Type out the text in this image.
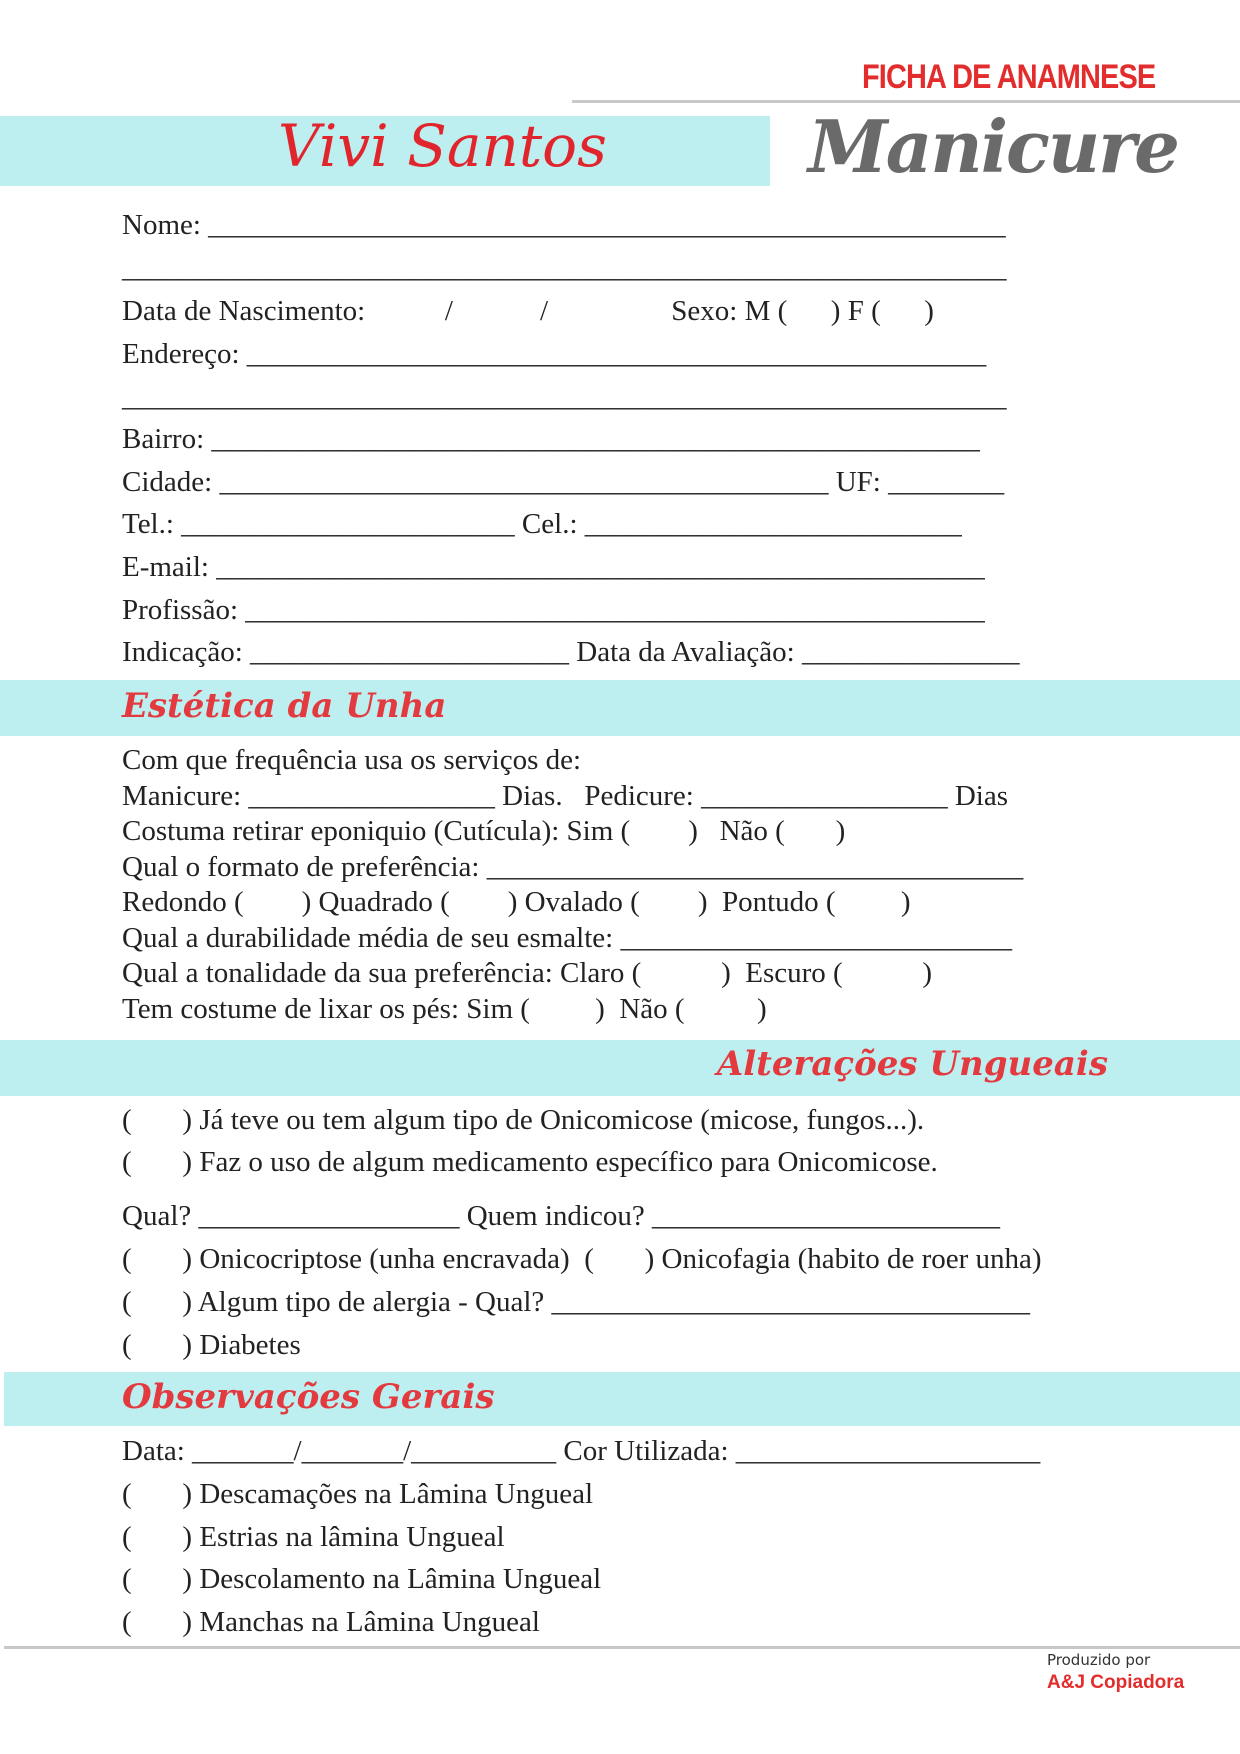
FICHA DE ANAMNESE
Vivi Santos	Manicure
Nome: _______________________________________________________
_____________________________________________________________
Data de Nascimento:           /            /                 Sexo: M (      ) F (      )
Endereço: ___________________________________________________
_____________________________________________________________
Bairro: _____________________________________________________
Cidade: __________________________________________ UF: ________
Tel.: _______________________ Cel.: __________________________
E-mail: _____________________________________________________
Profissão: ___________________________________________________
Indicação: ______________________ Data da Avaliação: _______________
Estética da Unha
Com que frequência usa os serviços de:
Manicure: _________________ Dias.   Pedicure: _________________ Dias
Costuma retirar eponiquio (Cutícula): Sim (        )   Não (       )
Qual o formato de preferência: _____________________________________
Redondo (        ) Quadrado (        ) Ovalado (        )  Pontudo (         )
Qual a durabilidade média de seu esmalte: ___________________________
Qual a tonalidade da sua preferência: Claro (           )  Escuro (           )
Tem costume de lixar os pés: Sim (         )  Não (          )
Alterações Ungueais
(       ) Já teve ou tem algum tipo de Onicomicose (micose, fungos...).
(       ) Faz o uso de algum medicamento específico para Onicomicose.
Qual? __________________ Quem indicou? ________________________
(       ) Onicocriptose (unha encravada)  (       ) Onicofagia (habito de roer unha)
(       ) Algum tipo de alergia - Qual? _________________________________
(       ) Diabetes
Observações Gerais
Data: _______/_______/__________ Cor Utilizada: _____________________
(       ) Descamações na Lâmina Ungueal
(       ) Estrias na lâmina Ungueal
(       ) Descolamento na Lâmina Ungueal
(       ) Manchas na Lâmina Ungueal
Produzido por
A&J Copiadora
